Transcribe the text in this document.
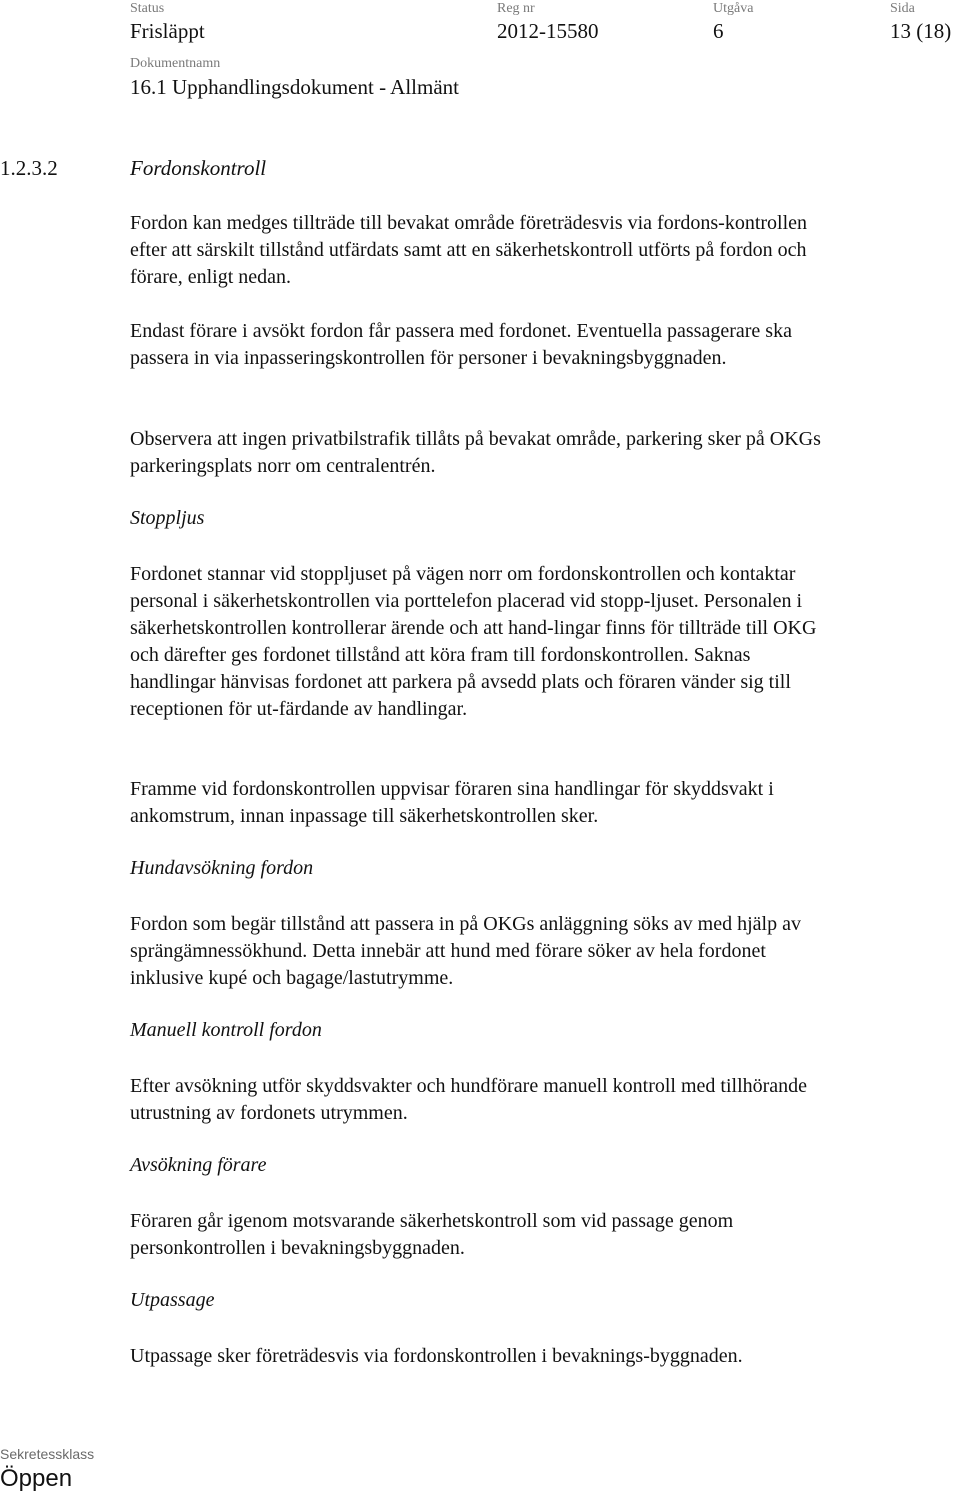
Status
Frisläppt
Reg nr
2012-15580
Utgåva
6
Sida
13 (18)
Dokumentnamn
16.1 Upphandlingsdokument - Allmänt
1.2.3.2	Fordonskontroll

Fordon kan medges tillträde till bevakat område företrädesvis via fordons-kontrollen efter att särskilt tillstånd utfärdats samt att en säkerhetskontroll utförts på fordon och förare, enligt nedan.

Endast förare i avsökt fordon får passera med fordonet. Eventuella passagerare ska passera in via inpasseringskontrollen för personer i bevakningsbyggnaden.

Observera att ingen privatbilstrafik tillåts på bevakat område, parkering sker på OKGs parkeringsplats norr om centralentrén.

Stoppljus

Fordonet stannar vid stoppljuset på vägen norr om fordonskontrollen och kontaktar personal i säkerhetskontrollen via porttelefon placerad vid stopp-ljuset. Personalen i säkerhetskontrollen kontrollerar ärende och att hand-lingar finns för tillträde till OKG och därefter ges fordonet tillstånd att köra fram till fordonskontrollen. Saknas handlingar hänvisas fordonet att parkera på avsedd plats och föraren vänder sig till receptionen för ut-färdande av handlingar.

Framme vid fordonskontrollen uppvisar föraren sina handlingar för skyddsvakt i ankomstrum, innan inpassage till säkerhetskontrollen sker.

Hundavsökning fordon

Fordon som begär tillstånd att passera in på OKGs anläggning söks av med hjälp av sprängämnessökhund. Detta innebär att hund med förare söker av hela fordonet inklusive kupé och bagage/lastutrymme.

Manuell kontroll fordon

Efter avsökning utför skyddsvakter och hundförare manuell kontroll med tillhörande utrustning av fordonets utrymmen.

Avsökning förare

Föraren går igenom motsvarande säkerhetskontroll som vid passage genom personkontrollen i bevakningsbyggnaden.

Utpassage

Utpassage sker företrädesvis via fordonskontrollen i bevaknings-byggnaden.

Sekretessklass
Öppen
